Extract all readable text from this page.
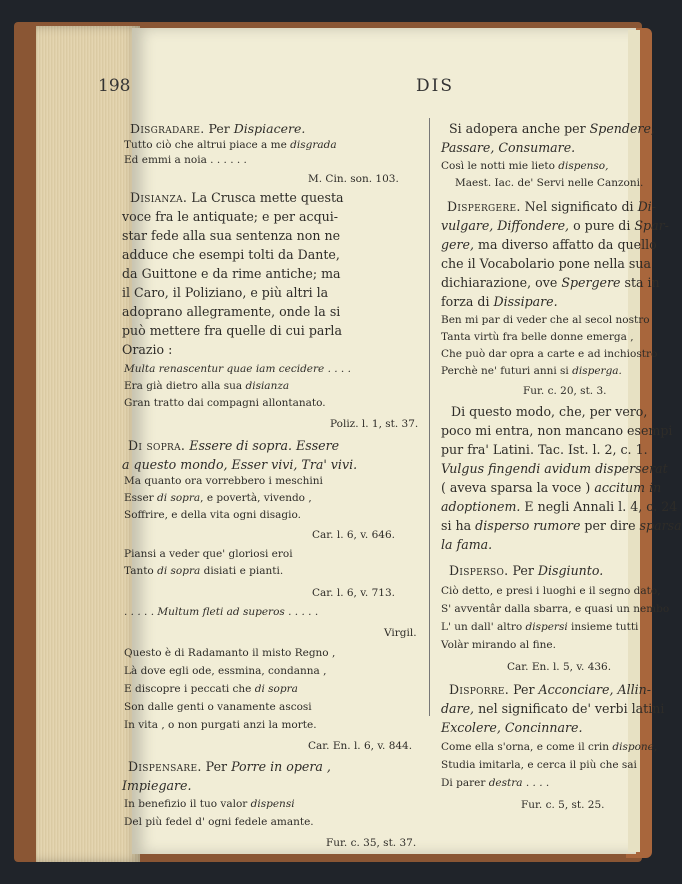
198	DIS
Disgradare. Per Dispiacere.
Tutto ciò che altrui piace a me disgrada
Ed emmi a noia . . . . . .
M. Cin. son. 103.
Disianza. La Crusca mette questa
voce fra le antiquate; e per acqui-
star fede alla sua sentenza non ne
adduce che esempi tolti da Dante,
da Guittone e da rime antiche; ma
il Caro, il Poliziano, e più altri la
adoprano allegramente, onde la si
può mettere fra quelle di cui parla
Orazio :
Multa renascentur quae iam cecidere . . . .
Era già dietro alla sua disianza
Gran tratto dai compagni allontanato.
Poliz. l. 1, st. 37.
Di sopra. Essere di sopra. Essere
a questo mondo, Esser vivi, Tra' vivi.
Ma quanto ora vorrebbero i meschini
Esser di sopra, e povertà, vivendo ,
Soffrire, e della vita ogni disagio.
Car. l. 6, v. 646.
Piansi a veder que' gloriosi eroi
Tanto di sopra disiati e pianti.
Car. l. 6, v. 713.
. . . . . Multum fleti ad superos . . . . .
Virgil.
Questo è di Radamanto il misto Regno ,
Là dove egli ode, essmina, condanna ,
E discopre i peccati che di sopra
Son dalle genti o vanamente ascosi
In vita , o non purgati anzi la morte.
Car. En. l. 6, v. 844.
Dispensare. Per Porre in opera ,
Impiegare.
In benefizio il tuo valor dispensi
Del più fedel d' ogni fedele amante.
Fur. c. 35, st. 37.
Si adopera anche per Spendere,
Passare, Consumare.
Così le notti mie lieto dispenso,
Maest. Iac. de' Servi nelle Canzoni.
Dispergere. Nel significato di Di-
vulgare, Diffondere, o pure di Spar-
gere, ma diverso affatto da quello
che il Vocabolario pone nella sua
dichiarazione, ove Spergere sta in
forza di Dissipare.
Ben mi par di veder che al secol nostro
Tanta virtù fra belle donne emerga ,
Che può dar opra a carte e ad inchiostro
Perchè ne' futuri anni si disperga.
Fur. c. 20, st. 3.
Di questo modo, che, per vero,
poco mi entra, non mancano esempi
pur fra' Latini. Tac. Ist. l. 2, c. 1.
Vulgus fingendi avidum disperserat
( aveva sparsa la voce ) accitum in
adoptionem. E negli Annali l. 4, c. 24
si ha disperso rumore per dire sparsa
la fama.
Disperso. Per Disgiunto.
Ciò detto, e presi i luoghi e il segno dato,
S' avventâr dalla sbarra, e quasi un nembo
L' un dall' altro dispersi insieme tutti
Volàr mirando al fine.
Car. En. l. 5, v. 436.
Disporre. Per Acconciare, Allin-
dare, nel significato de' verbi latini
Excolere, Concinnare.
Come ella s'orna, e come il crin dispone,
Studia imitarla, e cerca il più che sai
Di parer destra . . . .
Fur. c. 5, st. 25.
